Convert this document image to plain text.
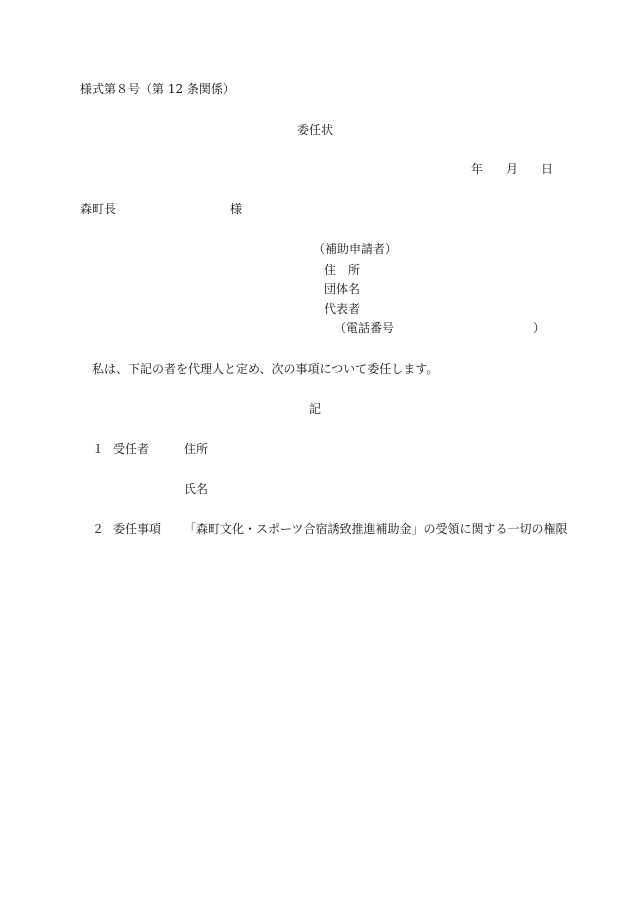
様式第８号（第 12 条関係）
委任状
年 月 日
森町長	様
（補助申請者）
住　所
団体名
代表者
（電話番号	）
私は、下記の者を代理人と定め、次の事項について委任します。
記
１ 受任者	住所
氏名
２ 委任事項 「森町文化・スポーツ合宿誘致推進補助金」の受領に関する一切の権限
